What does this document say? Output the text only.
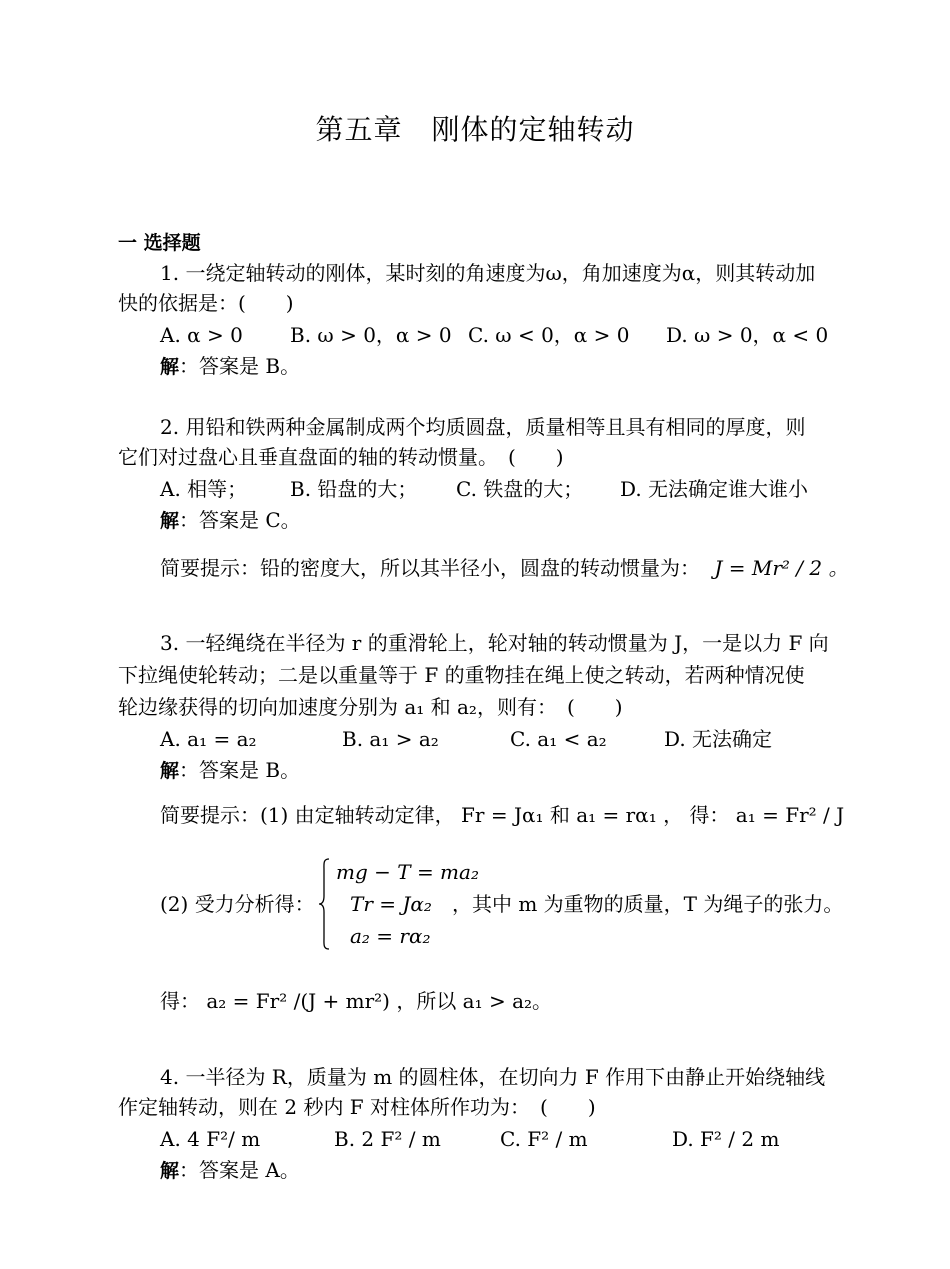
第五章　刚体的定轴转动
一 选择题
1. 一绕定轴转动的刚体，某时刻的角速度为ω，角加速度为α，则其转动加
快的依据是：(　　)
A. α > 0 B. ω > 0，α > 0 C. ω < 0，α > 0 D. ω > 0，α < 0
解：答案是 B。
2. 用铅和铁两种金属制成两个均质圆盘，质量相等且具有相同的厚度，则
它们对过盘心且垂直盘面的轴的转动惯量。　(　　)
A. 相等； B. 铅盘的大； C. 铁盘的大； D. 无法确定谁大谁小
解：答案是 C。
简要提示：铅的密度大，所以其半径小，圆盘的转动惯量为： J = Mr² / 2 。
3. 一轻绳绕在半径为 r 的重滑轮上，轮对轴的转动惯量为 J，一是以力 F 向
下拉绳使轮转动；二是以重量等于 F 的重物挂在绳上使之转动，若两种情况使
轮边缘获得的切向加速度分别为 a₁ 和 a₂，则有：　(　　)
A. a₁ = a₂	B. a₁ > a₂	C. a₁ < a₂	D. 无法确定
解：答案是 B。
简要提示：(1) 由定轴转动定律， Fr = Jα₁ 和 a₁ = rα₁ ， 得： a₁ = Fr² / J
(2) 受力分析得：
mg − T = ma₂
Tr = Jα₂
a₂ = rα₂
，其中 m 为重物的质量，T 为绳子的张力。
得： a₂ = Fr² /(J + mr²) ，所以 a₁ > a₂。
4. 一半径为 R，质量为 m 的圆柱体，在切向力 F 作用下由静止开始绕轴线
作定轴转动，则在 2 秒内 F 对柱体所作功为：　(　　)
A. 4 F²/ m	B. 2 F² / m	C. F² / m	D. F² / 2 m
解：答案是 A。
